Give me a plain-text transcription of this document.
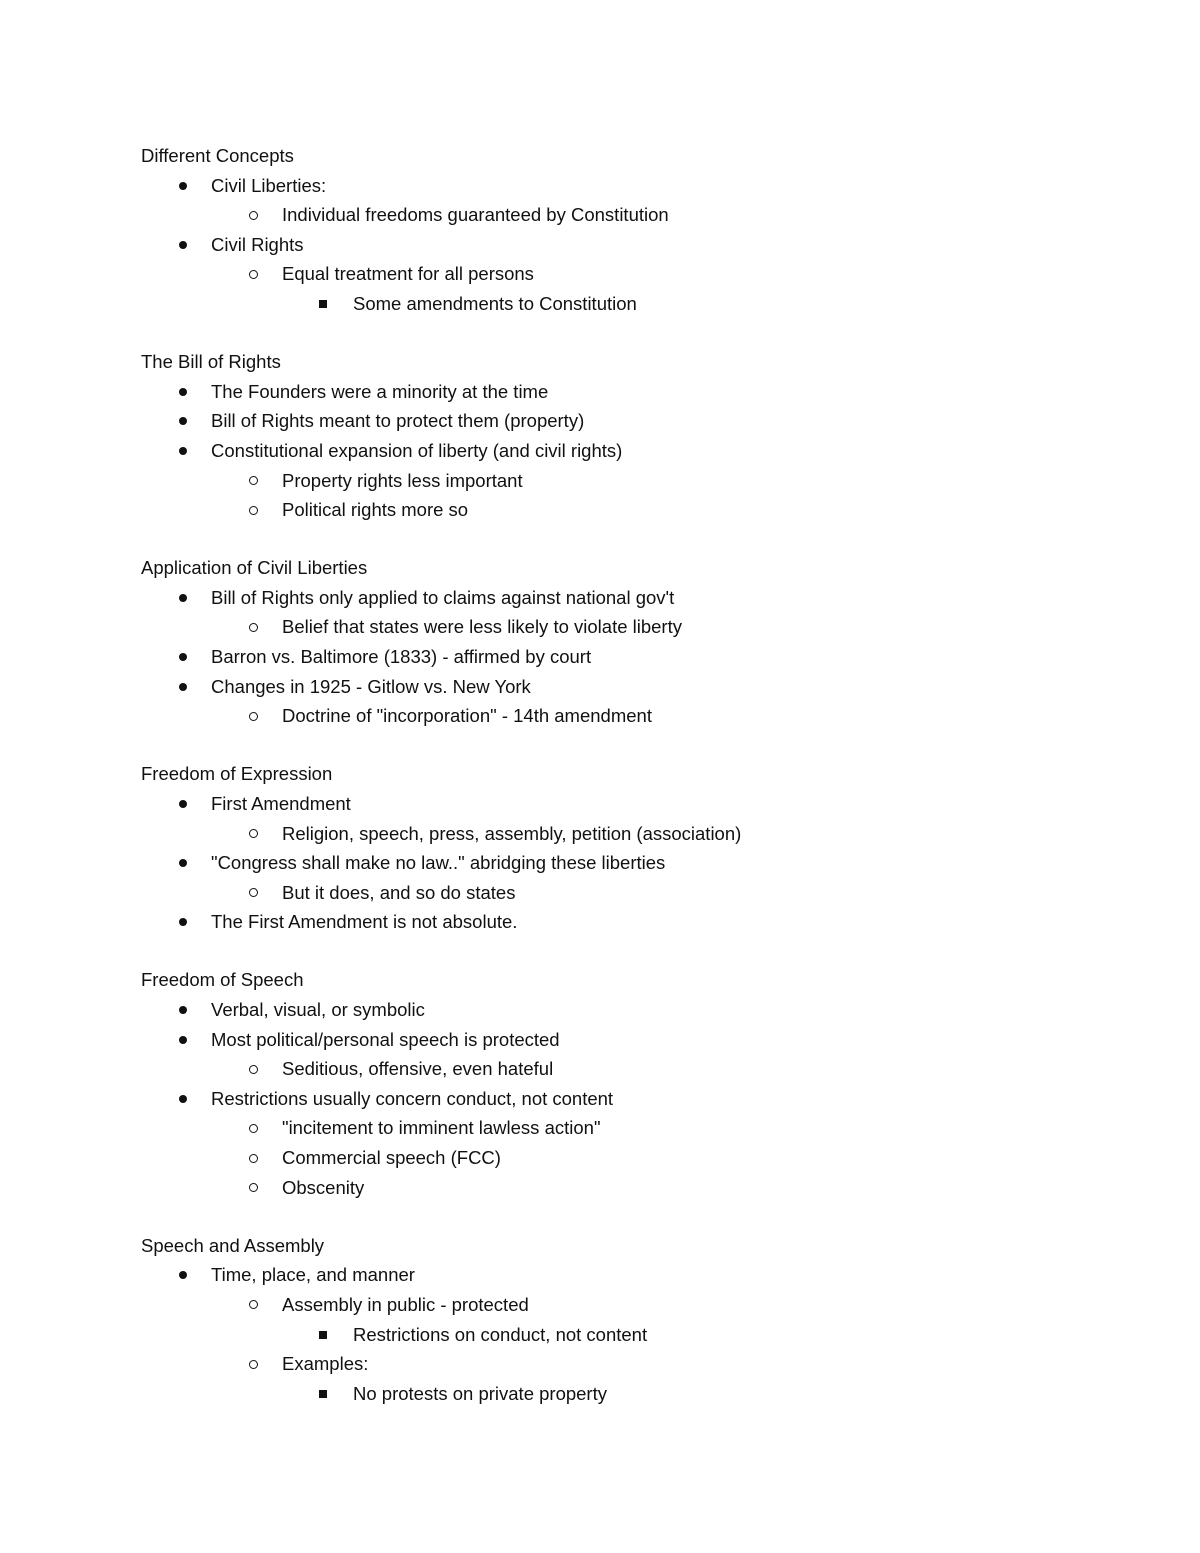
Different Concepts
Civil Liberties:
Individual freedoms guaranteed by Constitution
Civil Rights
Equal treatment for all persons
Some amendments to Constitution
The Bill of Rights
The Founders were a minority at the time
Bill of Rights meant to protect them (property)
Constitutional expansion of liberty (and civil rights)
Property rights less important
Political rights more so
Application of Civil Liberties
Bill of Rights only applied to claims against national gov't
Belief that states were less likely to violate liberty
Barron vs. Baltimore (1833) - affirmed by court
Changes in 1925 - Gitlow vs. New York
Doctrine of "incorporation" - 14th amendment
Freedom of Expression
First Amendment
Religion, speech, press, assembly, petition (association)
"Congress shall make no law.." abridging these liberties
But it does, and so do states
The First Amendment is not absolute.
Freedom of Speech
Verbal, visual, or symbolic
Most political/personal speech is protected
Seditious, offensive, even hateful
Restrictions usually concern conduct, not content
"incitement to imminent lawless action"
Commercial speech (FCC)
Obscenity
Speech and Assembly
Time, place, and manner
Assembly in public - protected
Restrictions on conduct, not content
Examples:
No protests on private property
